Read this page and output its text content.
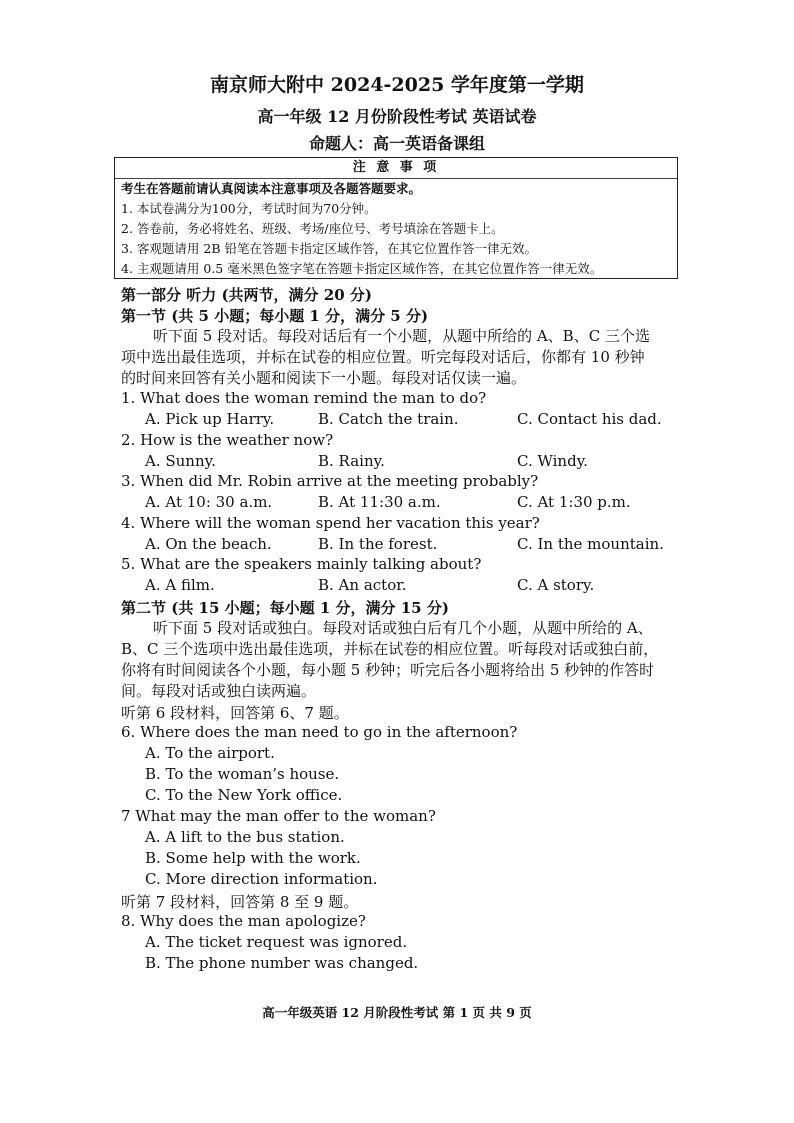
南京师大附中 2024-2025 学年度第一学期
高一年级 12 月份阶段性考试 英语试卷
命题人：高一英语备课组
注 意 事 项
考生在答题前请认真阅读本注意事项及各题答题要求。
1. 本试卷满分为100分，考试时间为70分钟。
2. 答卷前，务必将姓名、班级、考场/座位号、考号填涂在答题卡上。
3. 客观题请用 2B 铅笔在答题卡指定区域作答，在其它位置作答一律无效。
4. 主观题请用 0.5 毫米黑色签字笔在答题卡指定区域作答，在其它位置作答一律无效。
第一部分 听力 (共两节，满分 20 分)
第一节 (共 5 小题；每小题 1 分，满分 5 分)
听下面 5 段对话。每段对话后有一个小题，从题中所给的 A、B、C 三个选
项中选出最佳选项，并标在试卷的相应位置。听完每段对话后，你都有 10 秒钟
的时间来回答有关小题和阅读下一小题。每段对话仅读一遍。
1. What does the woman remind the man to do?
A. Pick up Harry.	B. Catch the train.	C. Contact his dad.
2. How is the weather now?
A. Sunny.	B. Rainy.	C. Windy.
3. When did Mr. Robin arrive at the meeting probably?
A. At 10: 30 a.m.	B. At 11:30 a.m.	C. At 1:30 p.m.
4. Where will the woman spend her vacation this year?
A. On the beach.	B. In the forest.	C. In the mountain.
5. What are the speakers mainly talking about?
A. A film.	B. An actor.	C. A story.
第二节 (共 15 小题；每小题 1 分，满分 15 分)
听下面 5 段对话或独白。每段对话或独白后有几个小题，从题中所给的 A、
B、C 三个选项中选出最佳选项，并标在试卷的相应位置。听每段对话或独白前，
你将有时间阅读各个小题，每小题 5 秒钟；听完后各小题将给出 5 秒钟的作答时
间。每段对话或独白读两遍。
听第 6 段材料，回答第 6、7 题。
6. Where does the man need to go in the afternoon?
A. To the airport.
B. To the woman’s house.
C. To the New York office.
7 What may the man offer to the woman?
A. A lift to the bus station.
B. Some help with the work.
C. More direction information.
听第 7 段材料，回答第 8 至 9 题。
8. Why does the man apologize?
A. The ticket request was ignored.
B. The phone number was changed.
高一年级英语 12 月阶段性考试 第 1 页 共 9 页
